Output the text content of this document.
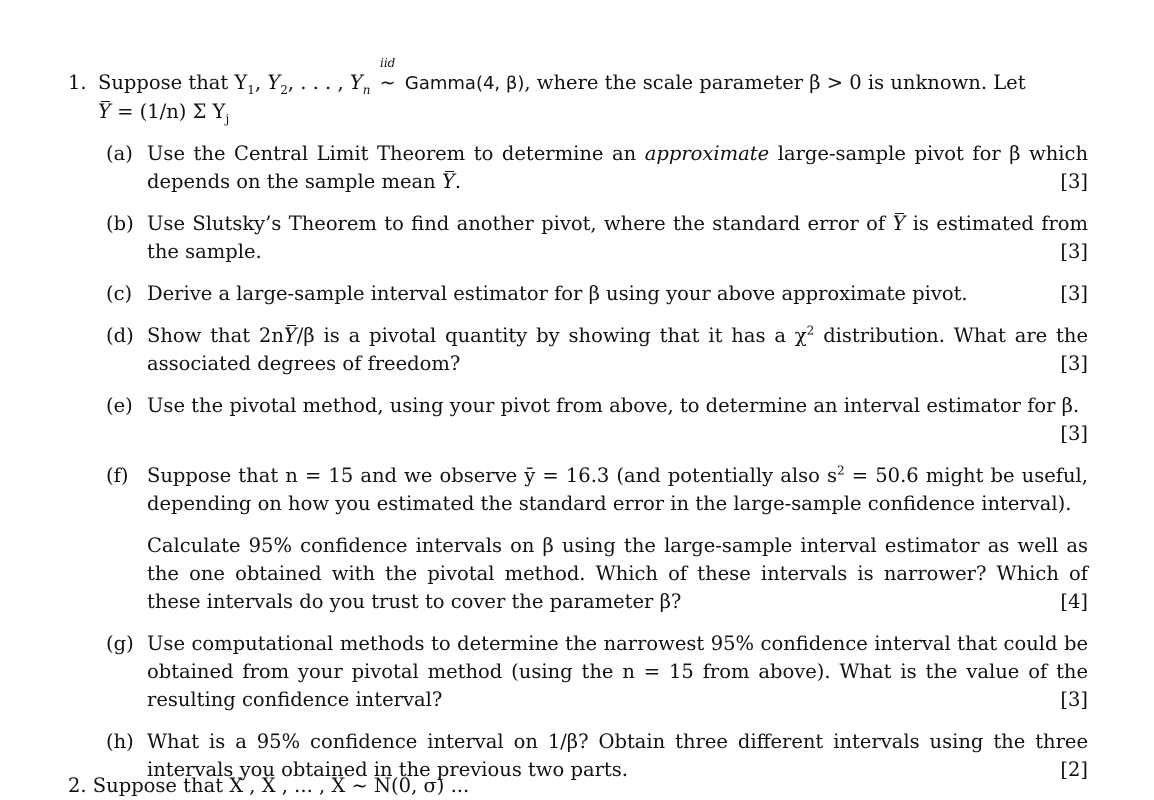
1. Suppose that $Y_1$, $Y_2$, . . . , $Y_n$
iid
∼ Gamma(4, β), where the scale parameter β > 0 is unknown. Let
Y = (1/n) Σ $Y_j$
(a) Use the Central Limit Theorem to determine an approximate large-sample pivot for β which depends on the sample mean Y.	[3]
(b) Use Slutsky’s Theorem to find another pivot, where the standard error of Y is estimated from the sample.	[3]
(c) Derive a large-sample interval estimator for β using your above approximate pivot.	[3]
(d) Show that 2nY/β is a pivotal quantity by showing that it has a $\chi^2$ distribution. What are the associated degrees of freedom?	[3]
(e) Use the pivotal method, using your pivot from above, to determine an interval estimator for β.
[3]
(f) Suppose that n = 15 and we observe ȳ = 16.3 (and potentially also $s^2 = 50.6$ might be useful, depending on how you estimated the standard error in the large-sample confidence interval).
Calculate 95% confidence intervals on β using the large-sample interval estimator as well as the one obtained with the pivotal method. Which of these intervals is narrower? Which of these intervals do you trust to cover the parameter β?	[4]
(g) Use computational methods to determine the narrowest 95% confidence interval that could be obtained from your pivotal method (using the n = 15 from above). What is the value of the resulting confidence interval?	[3]
(h) What is a 95% confidence interval on 1/β? Obtain three different intervals using the three intervals you obtained in the previous two parts.	[2]
2. Suppose that X , X , ... , X ~ N(0, σ) ...
